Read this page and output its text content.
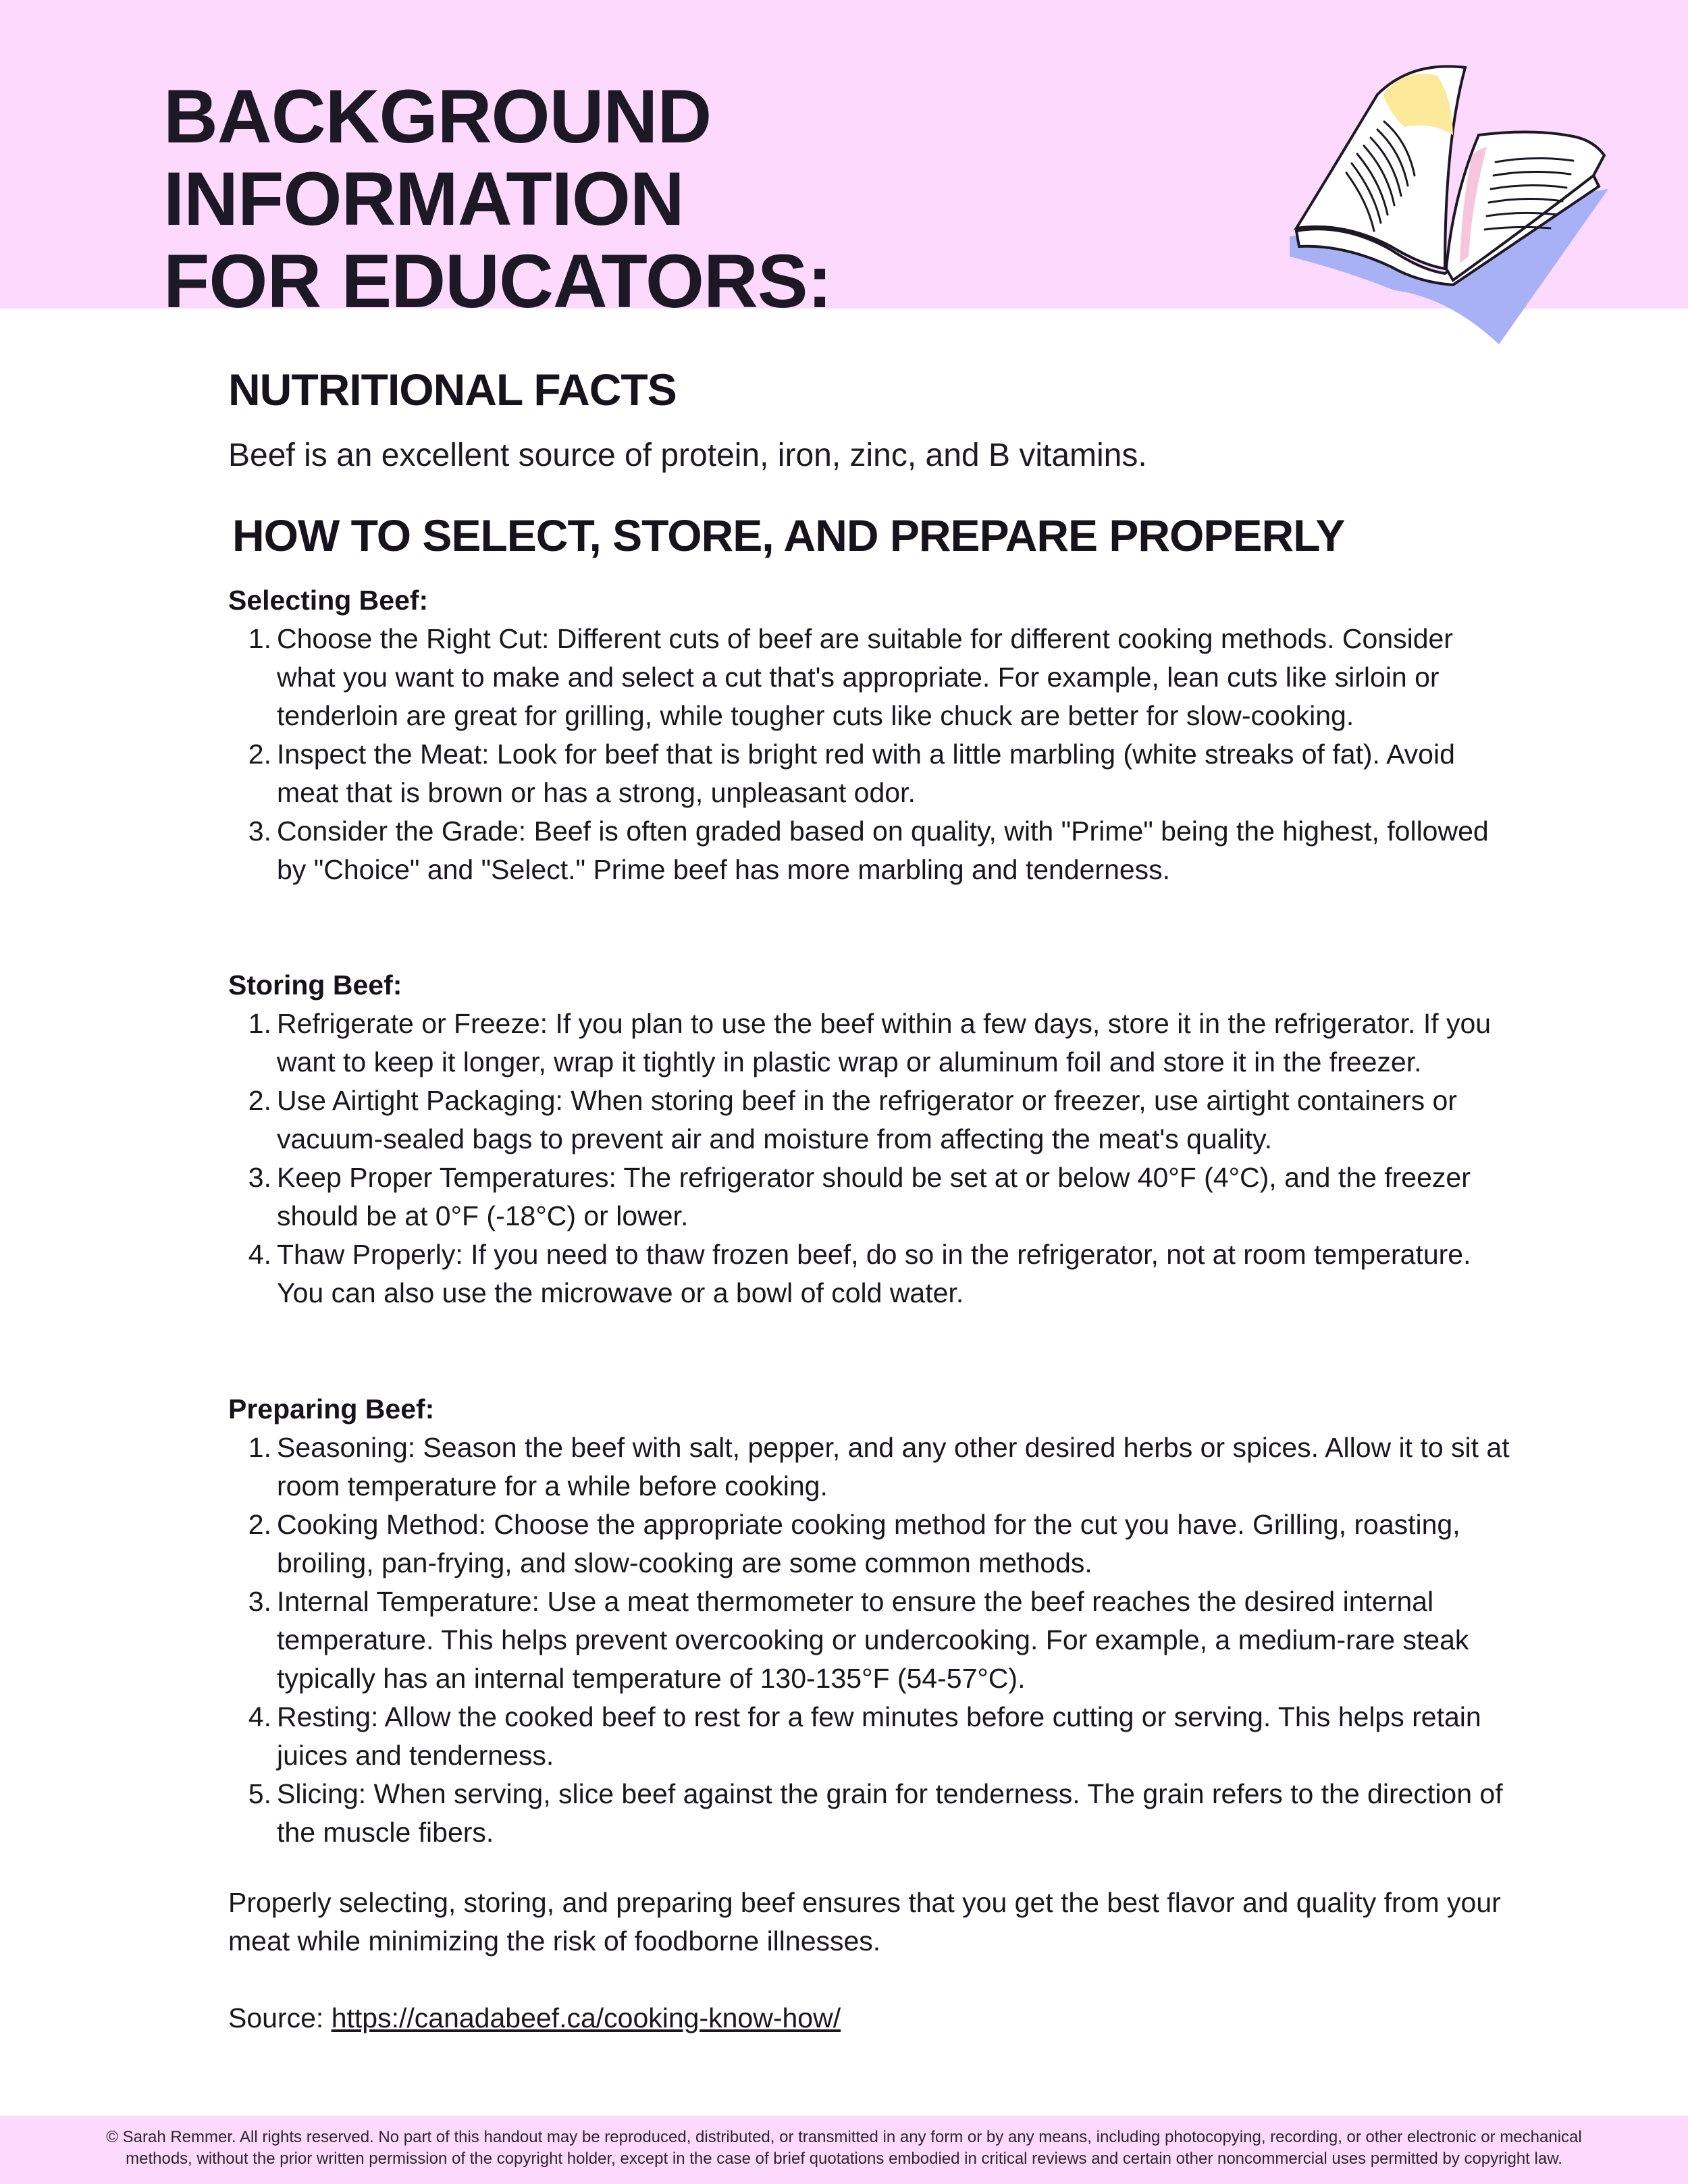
BACKGROUND INFORMATION
FOR EDUCATORS:
NUTRITIONAL FACTS

Beef is an excellent source of protein, iron, zinc, and B vitamins.

HOW TO SELECT, STORE, AND PREPARE PROPERLY
Selecting Beef:
1. Choose the Right Cut: Different cuts of beef are suitable for different cooking methods. Consider what you want to make and select a cut that's appropriate. For example, lean cuts like sirloin or tenderloin are great for grilling, while tougher cuts like chuck are better for slow-cooking.
2. Inspect the Meat: Look for beef that is bright red with a little marbling (white streaks of fat). Avoid meat that is brown or has a strong, unpleasant odor.
3. Consider the Grade: Beef is often graded based on quality, with "Prime" being the highest, followed by "Choice" and "Select." Prime beef has more marbling and tenderness.
Storing Beef:
1. Refrigerate or Freeze: If you plan to use the beef within a few days, store it in the refrigerator. If you want to keep it longer, wrap it tightly in plastic wrap or aluminum foil and store it in the freezer.
2. Use Airtight Packaging: When storing beef in the refrigerator or freezer, use airtight containers or vacuum-sealed bags to prevent air and moisture from affecting the meat's quality.
3. Keep Proper Temperatures: The refrigerator should be set at or below 40°F (4°C), and the freezer should be at 0°F (-18°C) or lower.
4. Thaw Properly: If you need to thaw frozen beef, do so in the refrigerator, not at room temperature. You can also use the microwave or a bowl of cold water.
Preparing Beef:
1. Seasoning: Season the beef with salt, pepper, and any other desired herbs or spices. Allow it to sit at room temperature for a while before cooking.
2. Cooking Method: Choose the appropriate cooking method for the cut you have. Grilling, roasting, broiling, pan-frying, and slow-cooking are some common methods.
3. Internal Temperature: Use a meat thermometer to ensure the beef reaches the desired internal temperature. This helps prevent overcooking or undercooking. For example, a medium-rare steak typically has an internal temperature of 130-135°F (54-57°C).
4. Resting: Allow the cooked beef to rest for a few minutes before cutting or serving. This helps retain juices and tenderness.
5. Slicing: When serving, slice beef against the grain for tenderness. The grain refers to the direction of the muscle fibers.

Properly selecting, storing, and preparing beef ensures that you get the best flavor and quality from your meat while minimizing the risk of foodborne illnesses.

Source: https://canadabeef.ca/cooking-know-how/

© Sarah Remmer. All rights reserved. No part of this handout may be reproduced, distributed, or transmitted in any form or by any means, including photocopying, recording, or other electronic or mechanical methods, without the prior written permission of the copyright holder, except in the case of brief quotations embodied in critical reviews and certain other noncommercial uses permitted by copyright law.
